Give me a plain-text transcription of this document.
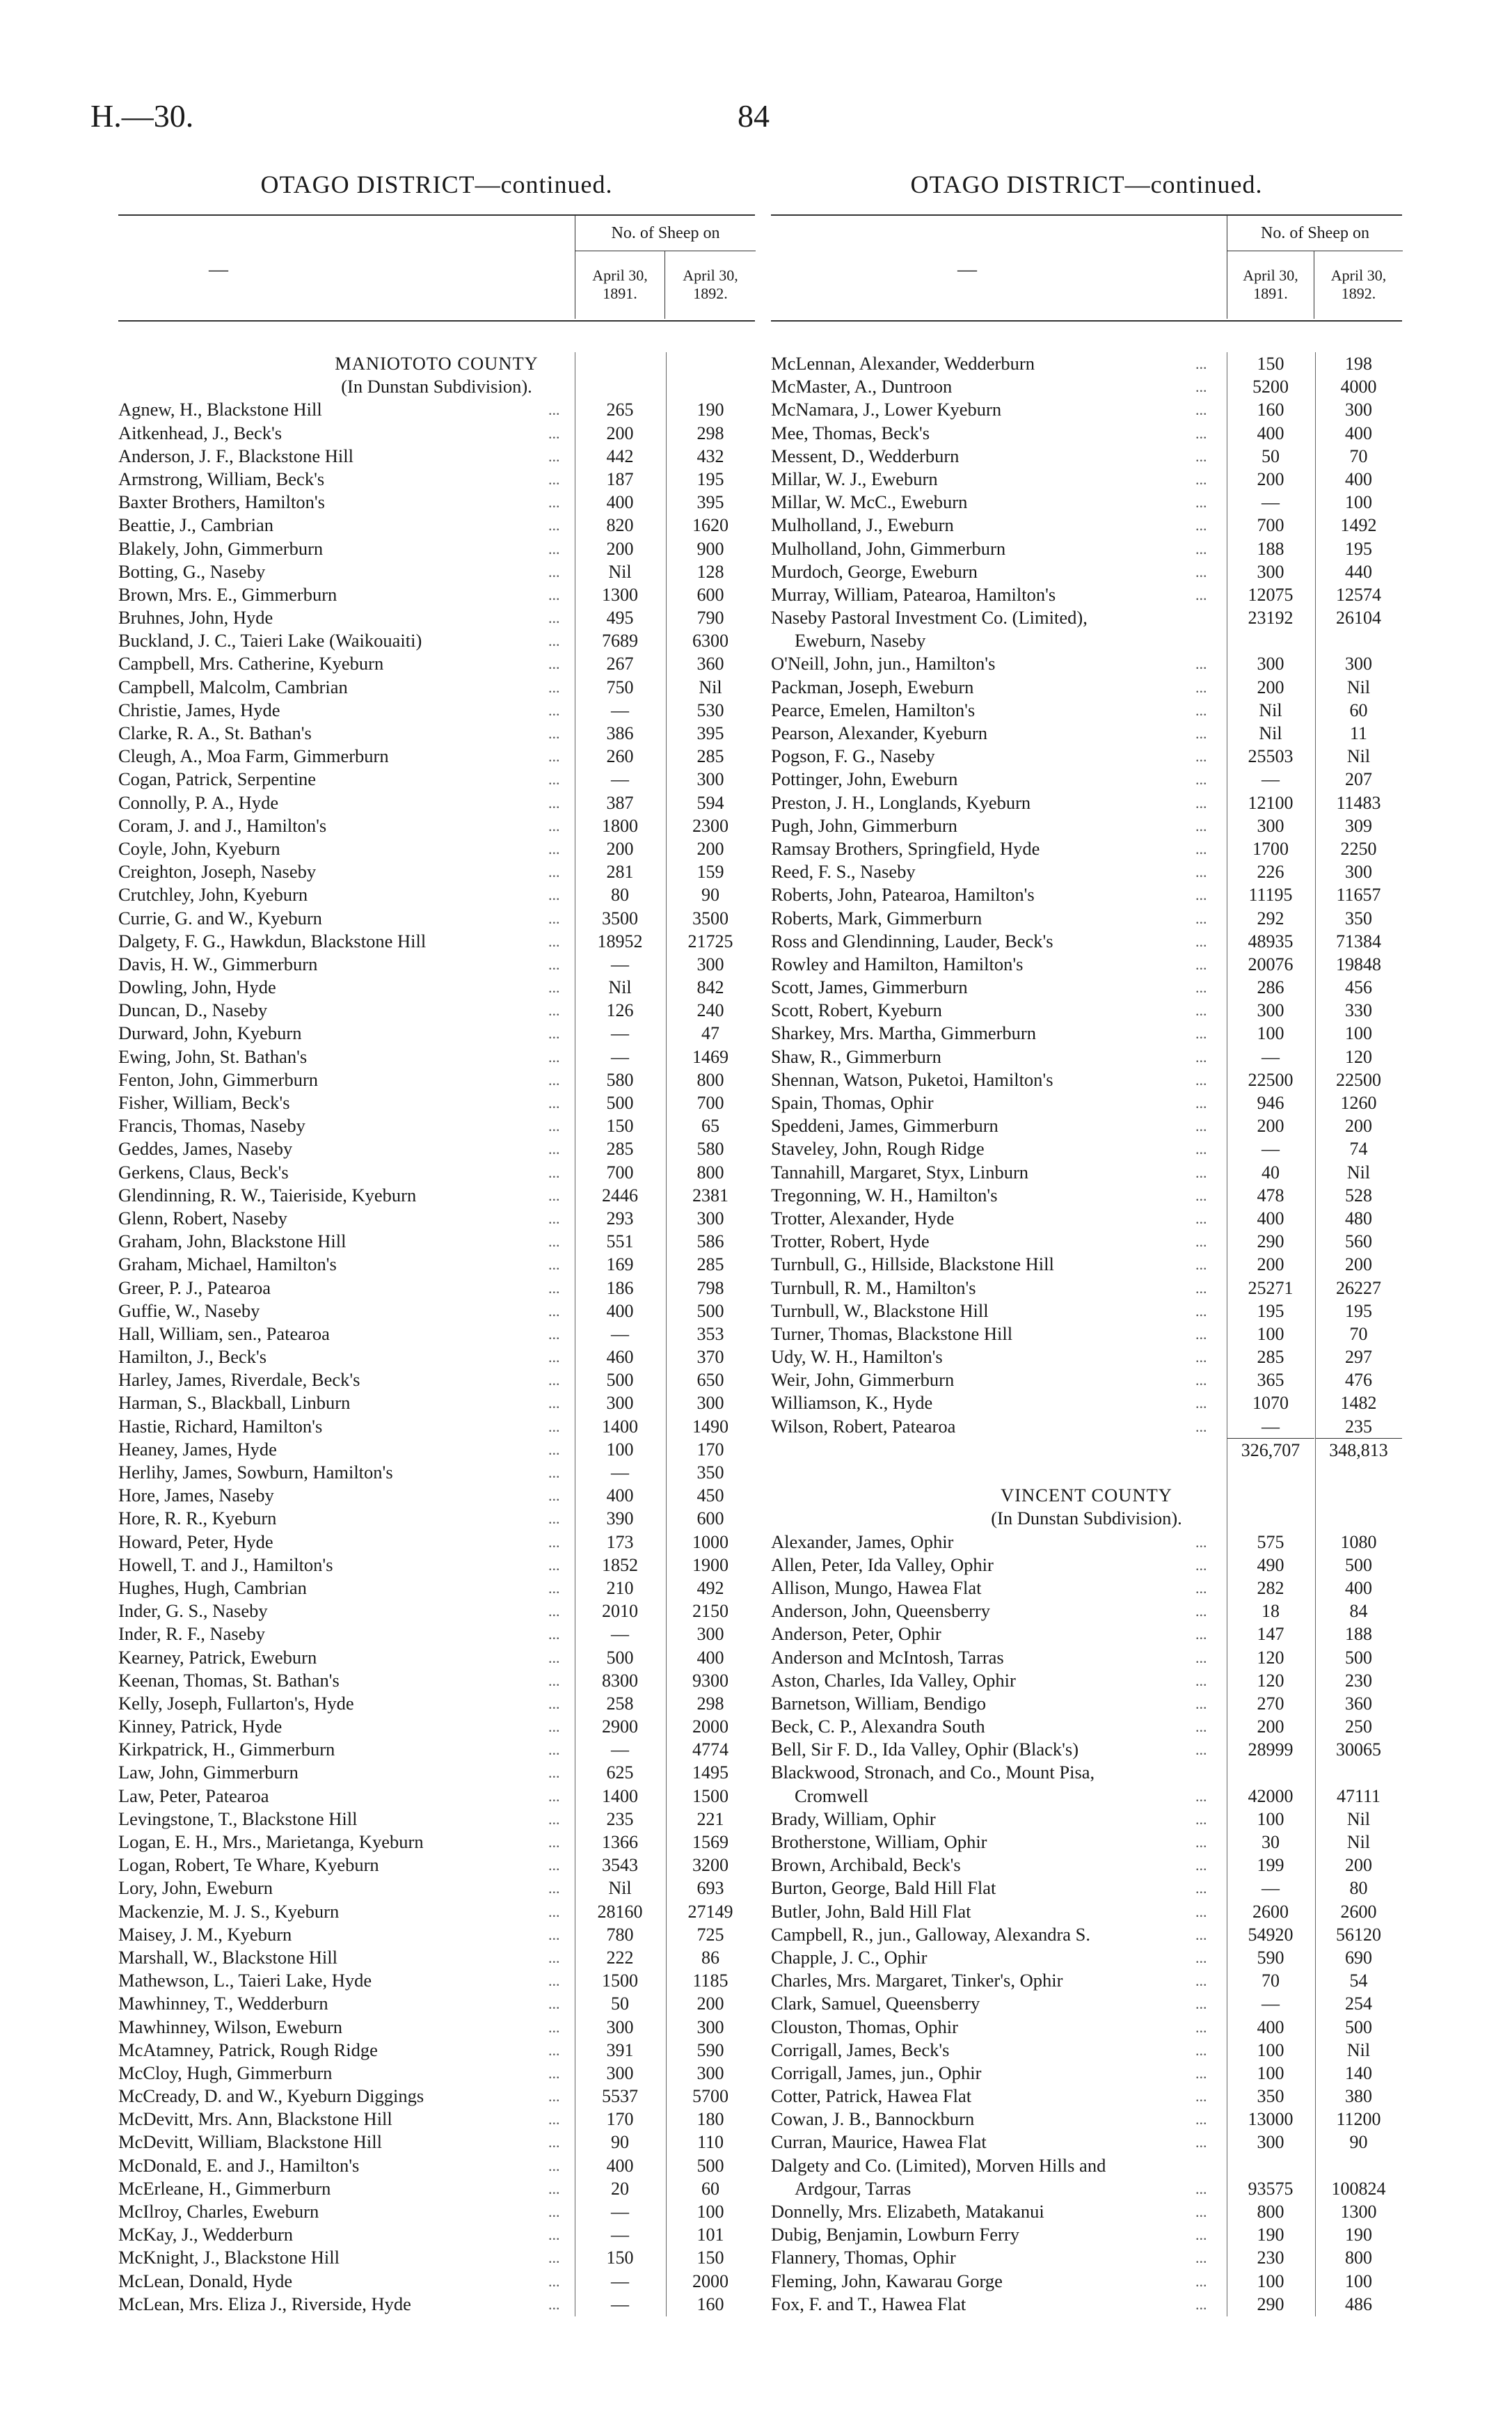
H.—30.	84
OTAGO DISTRICT—continued.
—
No. of Sheep on
April 30, 1891.
April 30, 1892.
MANIOTOTO COUNTY
(In Dunstan Subdivision).
Agnew, H., Blackstone Hill	...	265	190
Aitkenhead, J., Beck's	...	200	298
Anderson, J. F., Blackstone Hill	...	442	432
Armstrong, William, Beck's	...	187	195
Baxter Brothers, Hamilton's	...	400	395
Beattie, J., Cambrian	...	820	1620
Blakely, John, Gimmerburn	...	200	900
Botting, G., Naseby	...	Nil	128
Brown, Mrs. E., Gimmerburn	...	1300	600
Bruhnes, John, Hyde	...	495	790
Buckland, J. C., Taieri Lake (Waikouaiti)	...	7689	6300
Campbell, Mrs. Catherine, Kyeburn	...	267	360
Campbell, Malcolm, Cambrian	...	750	Nil
Christie, James, Hyde	...	—	530
Clarke, R. A., St. Bathan's	...	386	395
Cleugh, A., Moa Farm, Gimmerburn	...	260	285
Cogan, Patrick, Serpentine	...	—	300
Connolly, P. A., Hyde	...	387	594
Coram, J. and J., Hamilton's	...	1800	2300
Coyle, John, Kyeburn	...	200	200
Creighton, Joseph, Naseby	...	281	159
Crutchley, John, Kyeburn	...	80	90
Currie, G. and W., Kyeburn	...	3500	3500
Dalgety, F. G., Hawkdun, Blackstone Hill	...	18952	21725
Davis, H. W., Gimmerburn	...	—	300
Dowling, John, Hyde	...	Nil	842
Duncan, D., Naseby	...	126	240
Durward, John, Kyeburn	...	—	47
Ewing, John, St. Bathan's	...	—	1469
Fenton, John, Gimmerburn	...	580	800
Fisher, William, Beck's	...	500	700
Francis, Thomas, Naseby	...	150	65
Geddes, James, Naseby	...	285	580
Gerkens, Claus, Beck's	...	700	800
Glendinning, R. W., Taieriside, Kyeburn	...	2446	2381
Glenn, Robert, Naseby	...	293	300
Graham, John, Blackstone Hill	...	551	586
Graham, Michael, Hamilton's	...	169	285
Greer, P. J., Patearoa	...	186	798
Guffie, W., Naseby	...	400	500
Hall, William, sen., Patearoa	...	—	353
Hamilton, J., Beck's	...	460	370
Harley, James, Riverdale, Beck's	...	500	650
Harman, S., Blackball, Linburn	...	300	300
Hastie, Richard, Hamilton's	...	1400	1490
Heaney, James, Hyde	...	100	170
Herlihy, James, Sowburn, Hamilton's	...	—	350
Hore, James, Naseby	...	400	450
Hore, R. R., Kyeburn	...	390	600
Howard, Peter, Hyde	...	173	1000
Howell, T. and J., Hamilton's	...	1852	1900
Hughes, Hugh, Cambrian	...	210	492
Inder, G. S., Naseby	...	2010	2150
Inder, R. F., Naseby	...	—	300
Kearney, Patrick, Eweburn	...	500	400
Keenan, Thomas, St. Bathan's	...	8300	9300
Kelly, Joseph, Fullarton's, Hyde	...	258	298
Kinney, Patrick, Hyde	...	2900	2000
Kirkpatrick, H., Gimmerburn	...	—	4774
Law, John, Gimmerburn	...	625	1495
Law, Peter, Patearoa	...	1400	1500
Levingstone, T., Blackstone Hill	...	235	221
Logan, E. H., Mrs., Marietanga, Kyeburn	...	1366	1569
Logan, Robert, Te Whare, Kyeburn	...	3543	3200
Lory, John, Eweburn	...	Nil	693
Mackenzie, M. J. S., Kyeburn	...	28160	27149
Maisey, J. M., Kyeburn	...	780	725
Marshall, W., Blackstone Hill	...	222	86
Mathewson, L., Taieri Lake, Hyde	...	1500	1185
Mawhinney, T., Wedderburn	...	50	200
Mawhinney, Wilson, Eweburn	...	300	300
McAtamney, Patrick, Rough Ridge	...	391	590
McCloy, Hugh, Gimmerburn	...	300	300
McCready, D. and W., Kyeburn Diggings	...	5537	5700
McDevitt, Mrs. Ann, Blackstone Hill	...	170	180
McDevitt, William, Blackstone Hill	...	90	110
McDonald, E. and J., Hamilton's	...	400	500
McErleane, H., Gimmerburn	...	20	60
McIlroy, Charles, Eweburn	...	—	100
McKay, J., Wedderburn	...	—	101
McKnight, J., Blackstone Hill	...	150	150
McLean, Donald, Hyde	...	—	2000
McLean, Mrs. Eliza J., Riverside, Hyde	...	—	160
OTAGO DISTRICT—continued.
—
No. of Sheep on
April 30, 1891.
April 30, 1892.
McLennan, Alexander, Wedderburn	...	150	198
McMaster, A., Duntroon	...	5200	4000
McNamara, J., Lower Kyeburn	...	160	300
Mee, Thomas, Beck's	...	400	400
Messent, D., Wedderburn	...	50	70
Millar, W. J., Eweburn	...	200	400
Millar, W. McC., Eweburn	...	—	100
Mulholland, J., Eweburn	...	700	1492
Mulholland, John, Gimmerburn	...	188	195
Murdoch, George, Eweburn	...	300	440
Murray, William, Patearoa, Hamilton's	...	12075	12574
Naseby Pastoral Investment Co. (Limited),	23192	26104
Eweburn, Naseby
O'Neill, John, jun., Hamilton's	...	300	300
Packman, Joseph, Eweburn	...	200	Nil
Pearce, Emelen, Hamilton's	...	Nil	60
Pearson, Alexander, Kyeburn	...	Nil	11
Pogson, F. G., Naseby	...	25503	Nil
Pottinger, John, Eweburn	...	—	207
Preston, J. H., Longlands, Kyeburn	...	12100	11483
Pugh, John, Gimmerburn	...	300	309
Ramsay Brothers, Springfield, Hyde	...	1700	2250
Reed, F. S., Naseby	...	226	300
Roberts, John, Patearoa, Hamilton's	...	11195	11657
Roberts, Mark, Gimmerburn	...	292	350
Ross and Glendinning, Lauder, Beck's	...	48935	71384
Rowley and Hamilton, Hamilton's	...	20076	19848
Scott, James, Gimmerburn	...	286	456
Scott, Robert, Kyeburn	...	300	330
Sharkey, Mrs. Martha, Gimmerburn	...	100	100
Shaw, R., Gimmerburn	...	—	120
Shennan, Watson, Puketoi, Hamilton's	...	22500	22500
Spain, Thomas, Ophir	...	946	1260
Speddeni, James, Gimmerburn	...	200	200
Staveley, John, Rough Ridge	...	—	74
Tannahill, Margaret, Styx, Linburn	...	40	Nil
Tregonning, W. H., Hamilton's	...	478	528
Trotter, Alexander, Hyde	...	400	480
Trotter, Robert, Hyde	...	290	560
Turnbull, G., Hillside, Blackstone Hill	...	200	200
Turnbull, R. M., Hamilton's	...	25271	26227
Turnbull, W., Blackstone Hill	...	195	195
Turner, Thomas, Blackstone Hill	...	100	70
Udy, W. H., Hamilton's	...	285	297
Weir, John, Gimmerburn	...	365	476
Williamson, K., Hyde	...	1070	1482
Wilson, Robert, Patearoa	...	—	235
326,707	348,813
VINCENT COUNTY
(In Dunstan Subdivision).
Alexander, James, Ophir	...	575	1080
Allen, Peter, Ida Valley, Ophir	...	490	500
Allison, Mungo, Hawea Flat	...	282	400
Anderson, John, Queensberry	...	18	84
Anderson, Peter, Ophir	...	147	188
Anderson and McIntosh, Tarras	...	120	500
Aston, Charles, Ida Valley, Ophir	...	120	230
Barnetson, William, Bendigo	...	270	360
Beck, C. P., Alexandra South	...	200	250
Bell, Sir F. D., Ida Valley, Ophir (Black's)	...	28999	30065
Blackwood, Stronach, and Co., Mount Pisa,
Cromwell	...	42000	47111
Brady, William, Ophir	...	100	Nil
Brotherstone, William, Ophir	...	30	Nil
Brown, Archibald, Beck's	...	199	200
Burton, George, Bald Hill Flat	...	—	80
Butler, John, Bald Hill Flat	...	2600	2600
Campbell, R., jun., Galloway, Alexandra S.	...	54920	56120
Chapple, J. C., Ophir	...	590	690
Charles, Mrs. Margaret, Tinker's, Ophir	...	70	54
Clark, Samuel, Queensberry	...	—	254
Clouston, Thomas, Ophir	...	400	500
Corrigall, James, Beck's	...	100	Nil
Corrigall, James, jun., Ophir	...	100	140
Cotter, Patrick, Hawea Flat	...	350	380
Cowan, J. B., Bannockburn	...	13000	11200
Curran, Maurice, Hawea Flat	...	300	90
Dalgety and Co. (Limited), Morven Hills and
Ardgour, Tarras	...	93575	100824
Donnelly, Mrs. Elizabeth, Matakanui	...	800	1300
Dubig, Benjamin, Lowburn Ferry	...	190	190
Flannery, Thomas, Ophir	...	230	800
Fleming, John, Kawarau Gorge	...	100	100
Fox, F. and T., Hawea Flat	...	290	486
